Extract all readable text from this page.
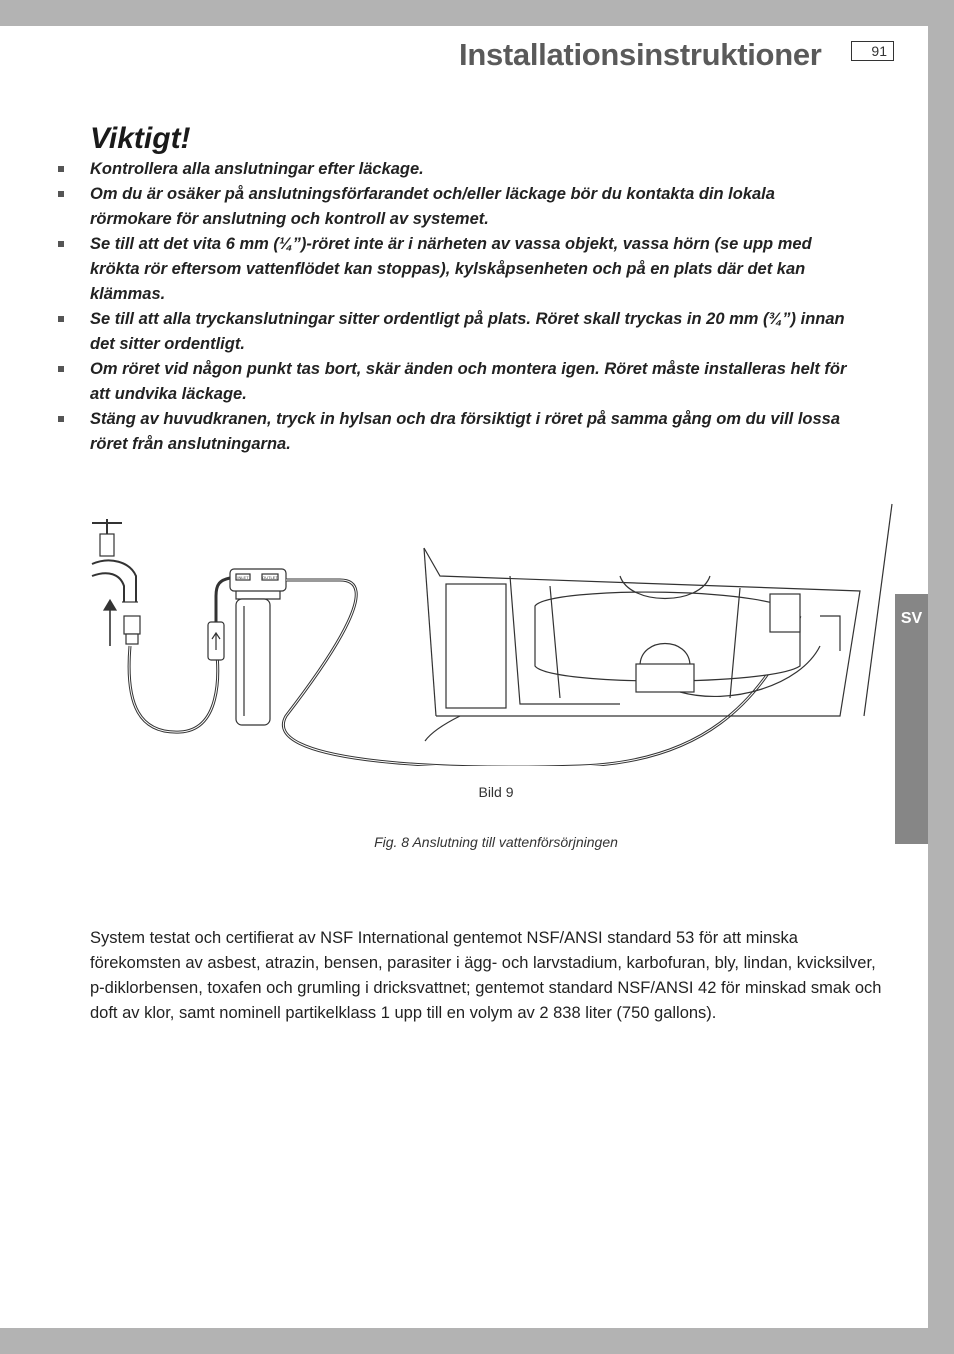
Installationsinstruktioner	91
SV
Viktigt!
Kontrollera alla anslutningar efter läckage.
Om du är osäker på anslutningsförfarandet och/eller läckage bör du kontakta din lokala rörmokare för anslutning och kontroll av systemet.
Se till att det vita 6 mm (¼”)-röret inte är i närheten av vassa objekt, vassa hörn (se upp med krökta rör eftersom vattenflödet kan stoppas), kylskåpsenheten och på en plats där det kan klämmas.
Se till att alla tryckanslutningar sitter ordentligt på plats. Röret skall tryckas in 20 mm (¾”) innan det sitter ordentligt.
Om röret vid någon punkt tas bort, skär änden och montera igen. Röret måste installeras helt för att undvika läckage.
Stäng av huvudkranen, tryck in hylsan och dra försiktigt i röret på samma gång om du vill lossa röret från anslutningarna.
INLET	OUTLET
Bild 9
Fig. 8 Anslutning till vattenförsörjningen
System testat och certifierat av NSF International gentemot NSF/ANSI standard 53 för att minska förekomsten av asbest, atrazin, bensen, parasiter i ägg- och larvstadium, karbofuran, bly, lindan, kvicksilver, p-diklorbensen, toxafen och grumling i dricksvattnet; gentemot standard NSF/ANSI 42 för minskad smak och doft av klor, samt nominell partikelklass 1 upp till en volym av 2 838 liter (750 gallons).
